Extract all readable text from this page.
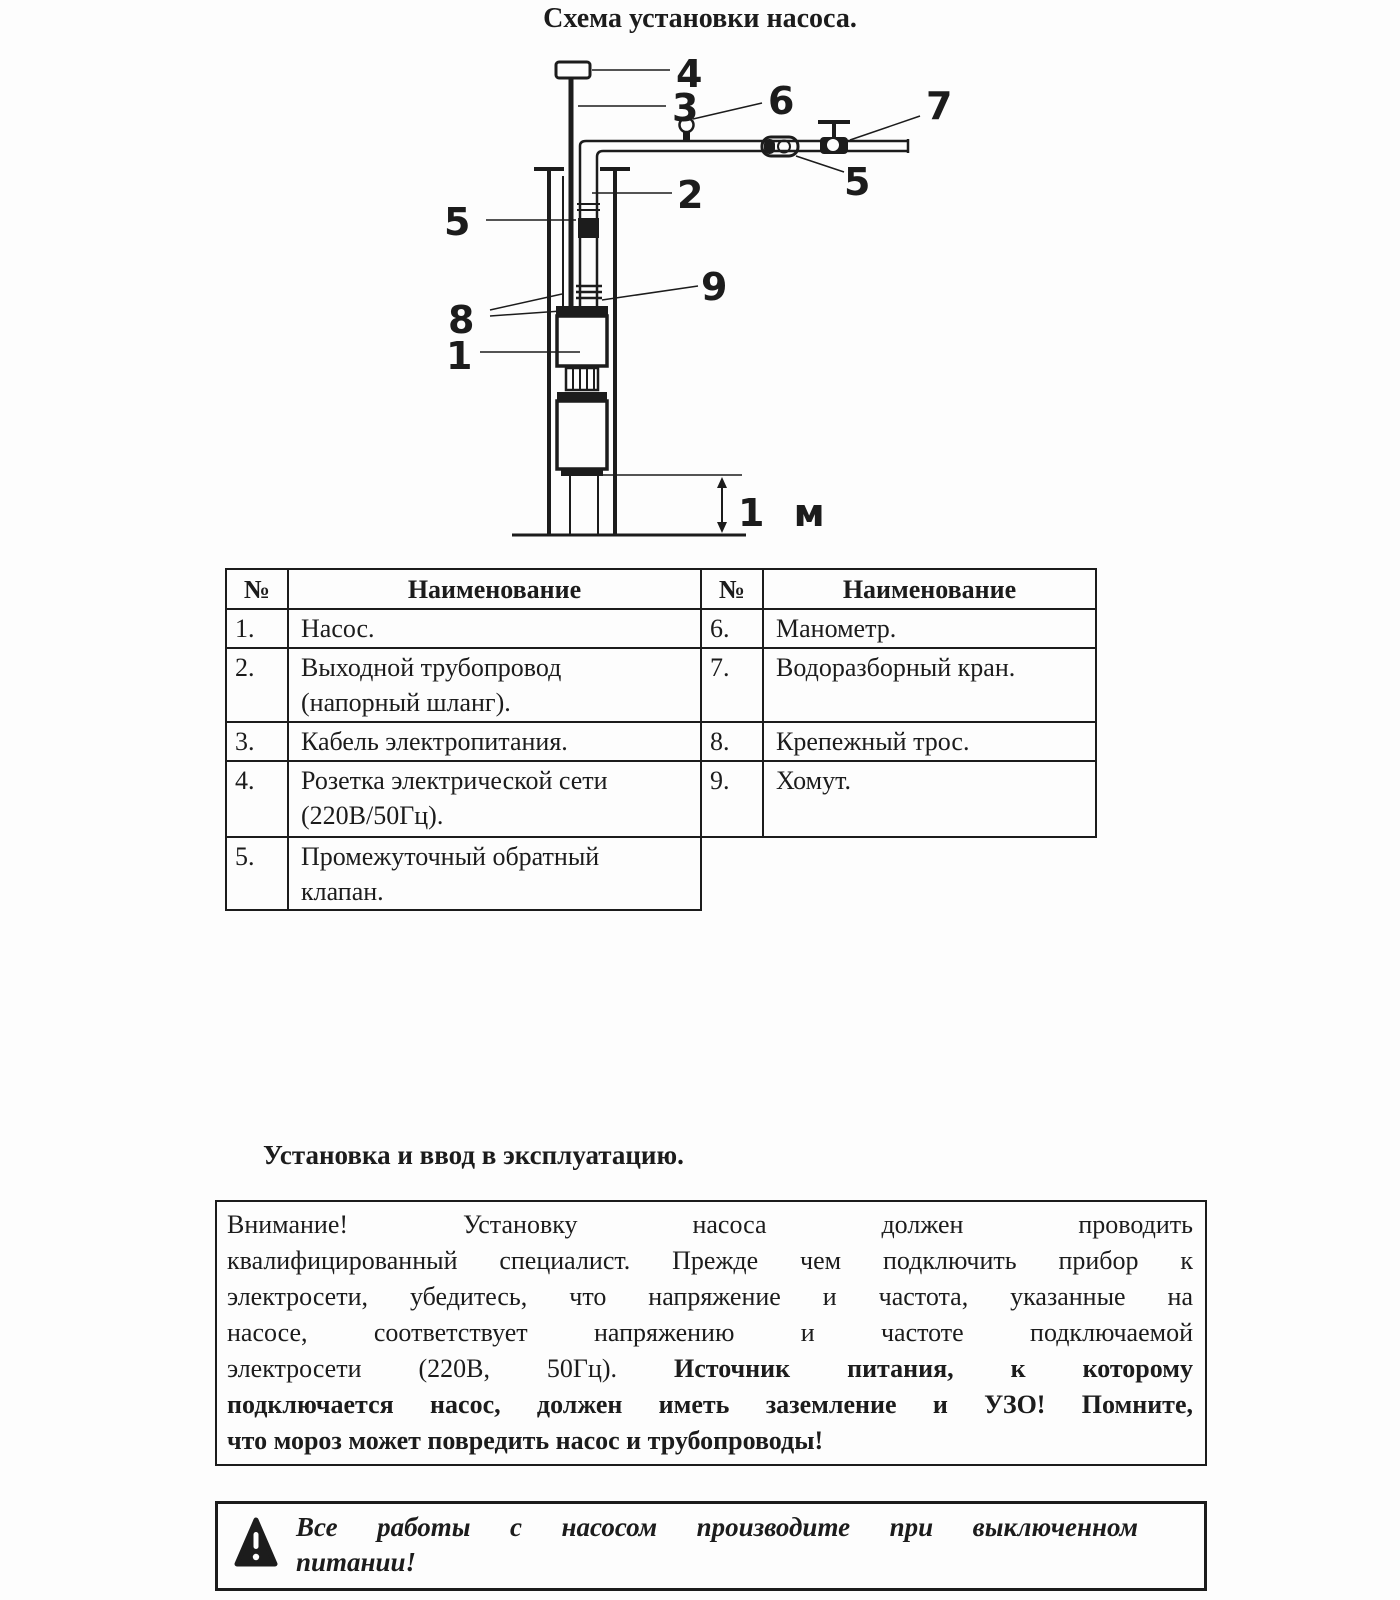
Схема установки насоса.
4
3
2
6
5
7
8
5
9
1
1 м
№	Наименование	№	Наименование
1.	Насос.	6.	Манометр.
2.	Выходной трубопровод (напорный шланг).	7.	Водоразборный кран.
3.	Кабель электропитания.	8.	Крепежный трос.
4.	Розетка электрической сети (220В/50Гц).	9.	Хомут.
5.	Промежуточный обратный клапан.		
Установка и ввод в эксплуатацию.
Внимание! Установку насоса должен проводить
квалифицированный специалист. Прежде чем подключить прибор к
электросети, убедитесь, что напряжение и частота, указанные на
насосе, соответствует напряжению и частоте подключаемой
электросети (220В, 50Гц). Источник питания, к которому
подключается насос, должен иметь заземление и УЗО! Помните,
что мороз может повредить насос и трубопроводы!
Все работы с насосом производите при выключенном
питании!
